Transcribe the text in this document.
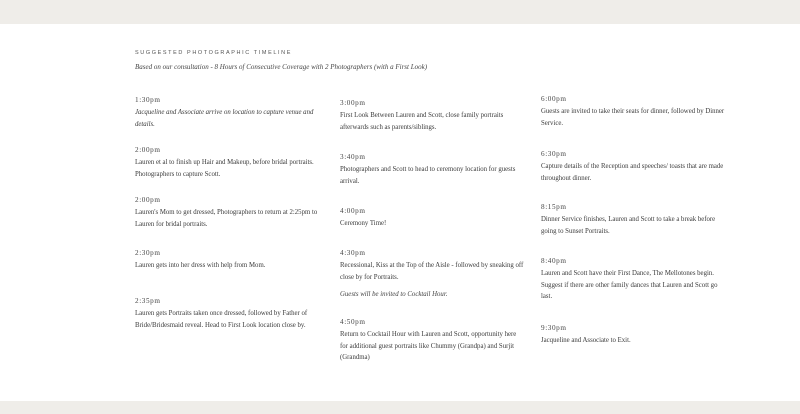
SUGGESTED PHOTOGRAPHIC TIMELINE
Based on our consultation - 8 Hours of Consecutive Coverage with 2 Photographers (with a First Look)
1:30pm
Jacqueline and Associate arrive on location to capture venue and details.
2:00pm
Lauren et al to finish up Hair and Makeup, before bridal portraits. Photographers to capture Scott.
2:00pm
Lauren's Mom to get dressed, Photographers to return at 2:25pm to Lauren for bridal portraits.
2:30pm
Lauren gets into her dress with help from Mom.
2:35pm
Lauren gets Portraits taken once dressed, followed by Father of Bride/Bridesmaid reveal. Head to First Look location close by.
3:00pm
First Look Between Lauren and Scott, close family portraits afterwards such as parents/siblings.
3:40pm
Photographers and Scott to head to ceremony location for guests arrival.
4:00pm
Ceremony Time!
4:30pm
Recessional, Kiss at the Top of the Aisle - followed by sneaking off close by for Portraits.
Guests will be invited to Cocktail Hour.
4:50pm
Return to Cocktail Hour with Lauren and Scott, opportunity here for additional guest portraits like Chummy (Grandpa) and Surjit (Grandma)
6:00pm
Guests are invited to take their seats for dinner, followed by Dinner Service.
6:30pm
Capture details of the Reception and speeches/ toasts that are made throughout dinner.
8:15pm
Dinner Service finishes, Lauren and Scott to take a break before going to Sunset Portraits.
8:40pm
Lauren and Scott have their First Dance, The Mellotones begin. Suggest if there are other family dances that Lauren and Scott go last.
9:30pm
Jacqueline and Associate to Exit.
